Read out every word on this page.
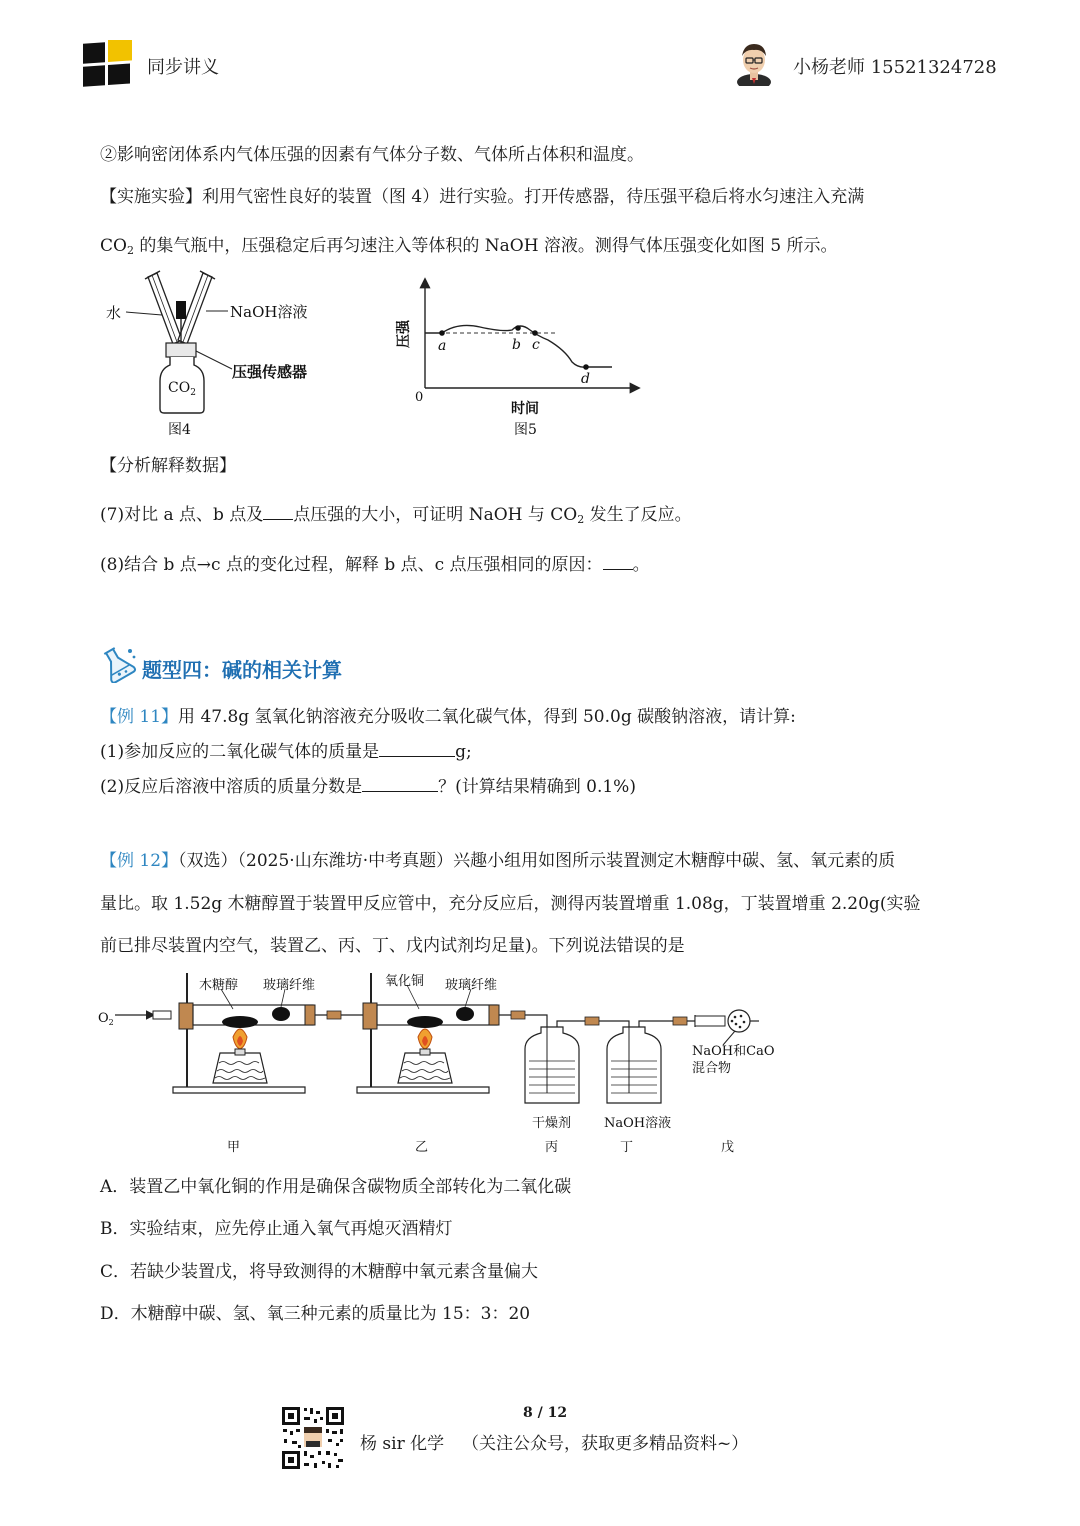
同步讲义	小杨老师 15521324728
②影响密闭体系内气体压强的因素有气体分子数、气体所占体积和温度。
【实施实验】利用气密性良好的装置（图 4）进行实验。打开传感器，待压强平稳后将水匀速注入充满
$CO_2$ 的集气瓶中，压强稳定后再匀速注入等体积的 NaOH 溶液。测得气体压强变化如图 5 所示。
水	NaOH溶液
压强传感器
$CO_2$
图4
a	b c
d
压强
0
时间
图5
【分析解释数据】
(7)对比 a 点、b 点及 点压强的大小，可证明 NaOH 与 $CO_2$ 发生了反应。
(8)结合 b 点→c 点的变化过程，解释 b 点、c 点压强相同的原因： 。
题型四：碱的相关计算
【例 11】用 47.8g 氢氧化钠溶液充分吸收二氧化碳气体，得到 50.0g 碳酸钠溶液，请计算:
(1)参加反应的二氧化碳气体的质量是	g;
(2)反应后溶液中溶质的质量分数是	？(计算结果精确到 0.1%)
【例 12】（双选）（2025·山东潍坊·中考真题）兴趣小组用如图所示装置测定木糖醇中碳、氢、氧元素的质
量比。取 1.52g 木糖醇置于装置甲反应管中，充分反应后，测得丙装置增重 1.08g，丁装置增重 2.20g(实验
前已排尽装置内空气，装置乙、丙、丁、戊内试剂均足量)。下列说法错误的是
$O_2$
木糖醇 玻璃纤维	氧化铜 玻璃纤维
NaOH和CaO
混合物
干燥剂	NaOH溶液
甲	乙	丙	丁	戊
A．装置乙中氧化铜的作用是确保含碳物质全部转化为二氧化碳
B．实验结束，应先停止通入氧气再熄灭酒精灯
C．若缺少装置戊，将导致测得的木糖醇中氧元素含量偏大
D．木糖醇中碳、氢、氧三种元素的质量比为 15：3：20
8 / 12
杨 sir 化学 （关注公众号，获取更多精品资料~）
